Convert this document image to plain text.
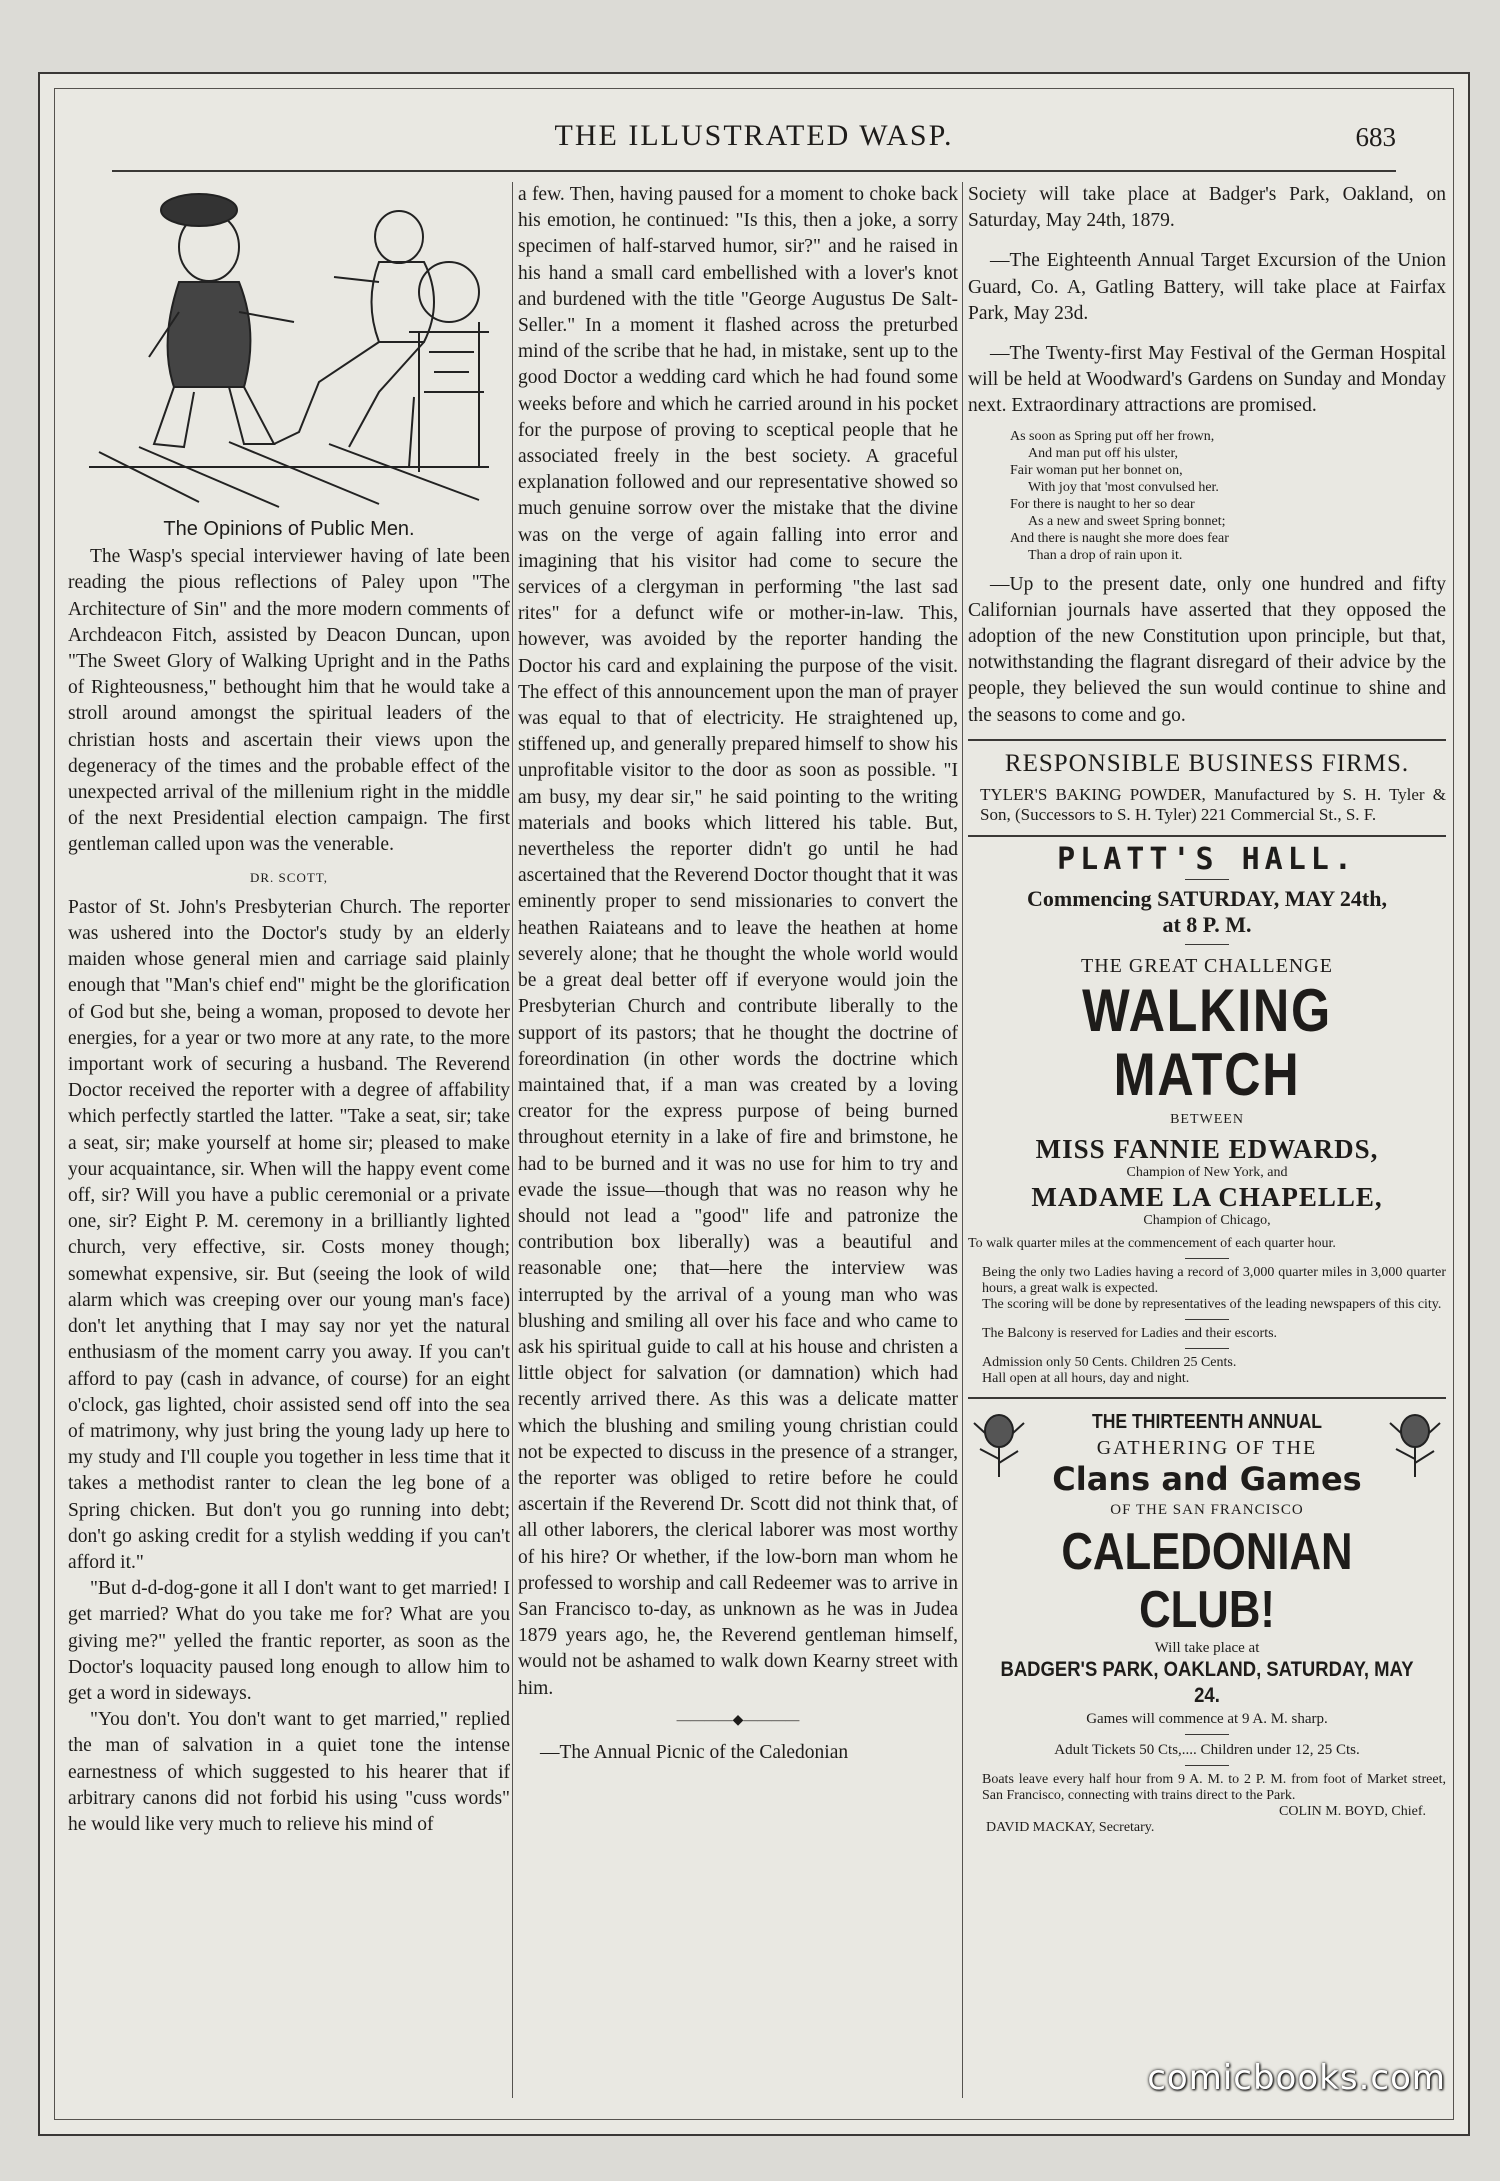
THE ILLUSTRATED WASP.	683
The Opinions of Public Men.

The Wasp's special interviewer having of late been reading the pious reflections of Paley upon "The Architecture of Sin" and the more modern comments of Archdeacon Fitch, assisted by Deacon Duncan, upon "The Sweet Glory of Walking Upright and in the Paths of Righteousness," bethought him that he would take a stroll around amongst the spiritual leaders of the christian hosts and ascertain their views upon the degeneracy of the times and the probable effect of the unexpected arrival of the millenium right in the middle of the next Presidential election campaign. The first gentleman called upon was the venerable.

DR. SCOTT,

Pastor of St. John's Presbyterian Church. The reporter was ushered into the Doctor's study by an elderly maiden whose general mien and carriage said plainly enough that "Man's chief end" might be the glorification of God but she, being a woman, proposed to devote her energies, for a year or two more at any rate, to the more important work of securing a husband. The Reverend Doctor received the reporter with a degree of affability which perfectly startled the latter. "Take a seat, sir; take a seat, sir; make yourself at home sir; pleased to make your acquaintance, sir. When will the happy event come off, sir? Will you have a public ceremonial or a private one, sir? Eight P. M. ceremony in a brilliantly lighted church, very effective, sir. Costs money though; somewhat expensive, sir. But (seeing the look of wild alarm which was creeping over our young man's face) don't let anything that I may say nor yet the natural enthusiasm of the moment carry you away. If you can't afford to pay (cash in advance, of course) for an eight o'clock, gas lighted, choir assisted send off into the sea of matrimony, why just bring the young lady up here to my study and I'll couple you together in less time that it takes a methodist ranter to clean the leg bone of a Spring chicken. But don't you go running into debt; don't go asking credit for a stylish wedding if you can't afford it."

"But d-d-dog-gone it all I don't want to get married! I get married? What do you take me for? What are you giving me?" yelled the frantic reporter, as soon as the Doctor's loquacity paused long enough to allow him to get a word in sideways.

"You don't. You don't want to get married," replied the man of salvation in a quiet tone the intense earnestness of which suggested to his hearer that if arbitrary canons did not forbid his using "cuss words" he would like very much to relieve his mind of

a few. Then, having paused for a moment to choke back his emotion, he continued: "Is this, then a joke, a sorry specimen of half-starved humor, sir?" and he raised in his hand a small card embellished with a lover's knot and burdened with the title "George Augustus De Salt-Seller." In a moment it flashed across the preturbed mind of the scribe that he had, in mistake, sent up to the good Doctor a wedding card which he had found some weeks before and which he carried around in his pocket for the purpose of proving to sceptical people that he associated freely in the best society. A graceful explanation followed and our representative showed so much genuine sorrow over the mistake that the divine was on the verge of again falling into error and imagining that his visitor had come to secure the services of a clergyman in performing "the last sad rites" for a defunct wife or mother-in-law. This, however, was avoided by the reporter handing the Doctor his card and explaining the purpose of the visit. The effect of this announcement upon the man of prayer was equal to that of electricity. He straightened up, stiffened up, and generally prepared himself to show his unprofitable visitor to the door as soon as possible. "I am busy, my dear sir," he said pointing to the writing materials and books which littered his table. But, nevertheless the reporter didn't go until he had ascertained that the Reverend Doctor thought that it was eminently proper to send missionaries to convert the heathen Raiateans and to leave the heathen at home severely alone; that he thought the whole world would be a great deal better off if everyone would join the Presbyterian Church and contribute liberally to the support of its pastors; that he thought the doctrine of foreordination (in other words the doctrine which maintained that, if a man was created by a loving creator for the express purpose of being burned throughout eternity in a lake of fire and brimstone, he had to be burned and it was no use for him to try and evade the issue—though that was no reason why he should not lead a "good" life and patronize the contribution box liberally) was a beautiful and reasonable one; that—here the interview was interrupted by the arrival of a young man who was blushing and smiling all over his face and who came to ask his spiritual guide to call at his house and christen a little object for salvation (or damnation) which had recently arrived there. As this was a delicate matter which the blushing and smiling young christian could not be expected to discuss in the presence of a stranger, the reporter was obliged to retire before he could ascertain if the Reverend Dr. Scott did not think that, of all other laborers, the clerical laborer was most worthy of his hire? Or whether, if the low-born man whom he professed to worship and call Redeemer was to arrive in San Francisco to-day, as unknown as he was in Judea 1879 years ago, he, the Reverend gentleman himself, would not be ashamed to walk down Kearny street with him.

————◆————

—The Annual Picnic of the Caledonian

Society will take place at Badger's Park, Oakland, on Saturday, May 24th, 1879.

—The Eighteenth Annual Target Excursion of the Union Guard, Co. A, Gatling Battery, will take place at Fairfax Park, May 23d.

—The Twenty-first May Festival of the German Hospital will be held at Woodward's Gardens on Sunday and Monday next. Extraordinary attractions are promised.

As soon as Spring put off her frown,
And man put off his ulster,
Fair woman put her bonnet on,
With joy that 'most convulsed her.
For there is naught to her so dear
As a new and sweet Spring bonnet;
And there is naught she more does fear
Than a drop of rain upon it.

—Up to the present date, only one hundred and fifty Californian journals have asserted that they opposed the adoption of the new Constitution upon principle, but that, notwithstanding the flagrant disregard of their advice by the people, they believed the sun would continue to shine and the seasons to come and go.

RESPONSIBLE BUSINESS FIRMS.
TYLER'S BAKING POWDER, Manufactured by S. H. Tyler & Son, (Successors to S. H. Tyler) 221 Commercial St., S. F.
PLATT'S HALL.
Commencing SATURDAY, MAY 24th,
at 8 P. M.
THE GREAT CHALLENGE
WALKING MATCH
BETWEEN
MISS FANNIE EDWARDS,
Champion of New York, and
MADAME LA CHAPELLE,
Champion of Chicago,
To walk quarter miles at the commencement of each quarter hour.
Being the only two Ladies having a record of 3,000 quarter miles in 3,000 quarter hours, a great walk is expected.
The scoring will be done by representatives of the leading newspapers of this city.
The Balcony is reserved for Ladies and their escorts.
Admission only 50 Cents. Children 25 Cents.
Hall open at all hours, day and night.
THE THIRTEENTH ANNUAL
GATHERING OF THE
Clans and Games
OF THE SAN FRANCISCO
CALEDONIAN CLUB!
Will take place at
BADGER'S PARK, OAKLAND, SATURDAY, MAY 24.
Games will commence at 9 A. M. sharp.
Adult Tickets 50 Cts,.... Children under 12, 25 Cts.
Boats leave every half hour from 9 A. M. to 2 P. M. from foot of Market street, San Francisco, connecting with trains direct to the Park.
COLIN M. BOYD, Chief.
DAVID MACKAY, Secretary.
comicbooks.com
